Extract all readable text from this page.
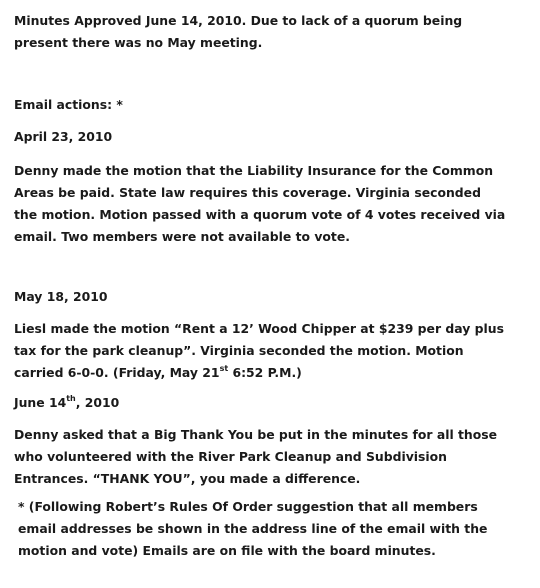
Minutes Approved June 14, 2010. Due to lack of a quorum being
present there was no May meeting.
Email actions: *
April 23, 2010
Denny made the motion that the Liability Insurance for the Common
Areas be paid. State law requires this coverage. Virginia seconded
the motion. Motion passed with a quorum vote of 4 votes received via
email. Two members were not available to vote.
May 18, 2010
Liesl made the motion “Rent a 12’ Wood Chipper at $239 per day plus
tax for the park cleanup”. Virginia seconded the motion. Motion
carried 6-0-0. (Friday, May 21st 6:52 P.M.)
June 14th, 2010
Denny asked that a Big Thank You be put in the minutes for all those
who volunteered with the River Park Cleanup and Subdivision
Entrances. “THANK YOU”, you made a difference.
* (Following Robert’s Rules Of Order suggestion that all members
email addresses be shown in the address line of the email with the
motion and vote) Emails are on file with the board minutes.
